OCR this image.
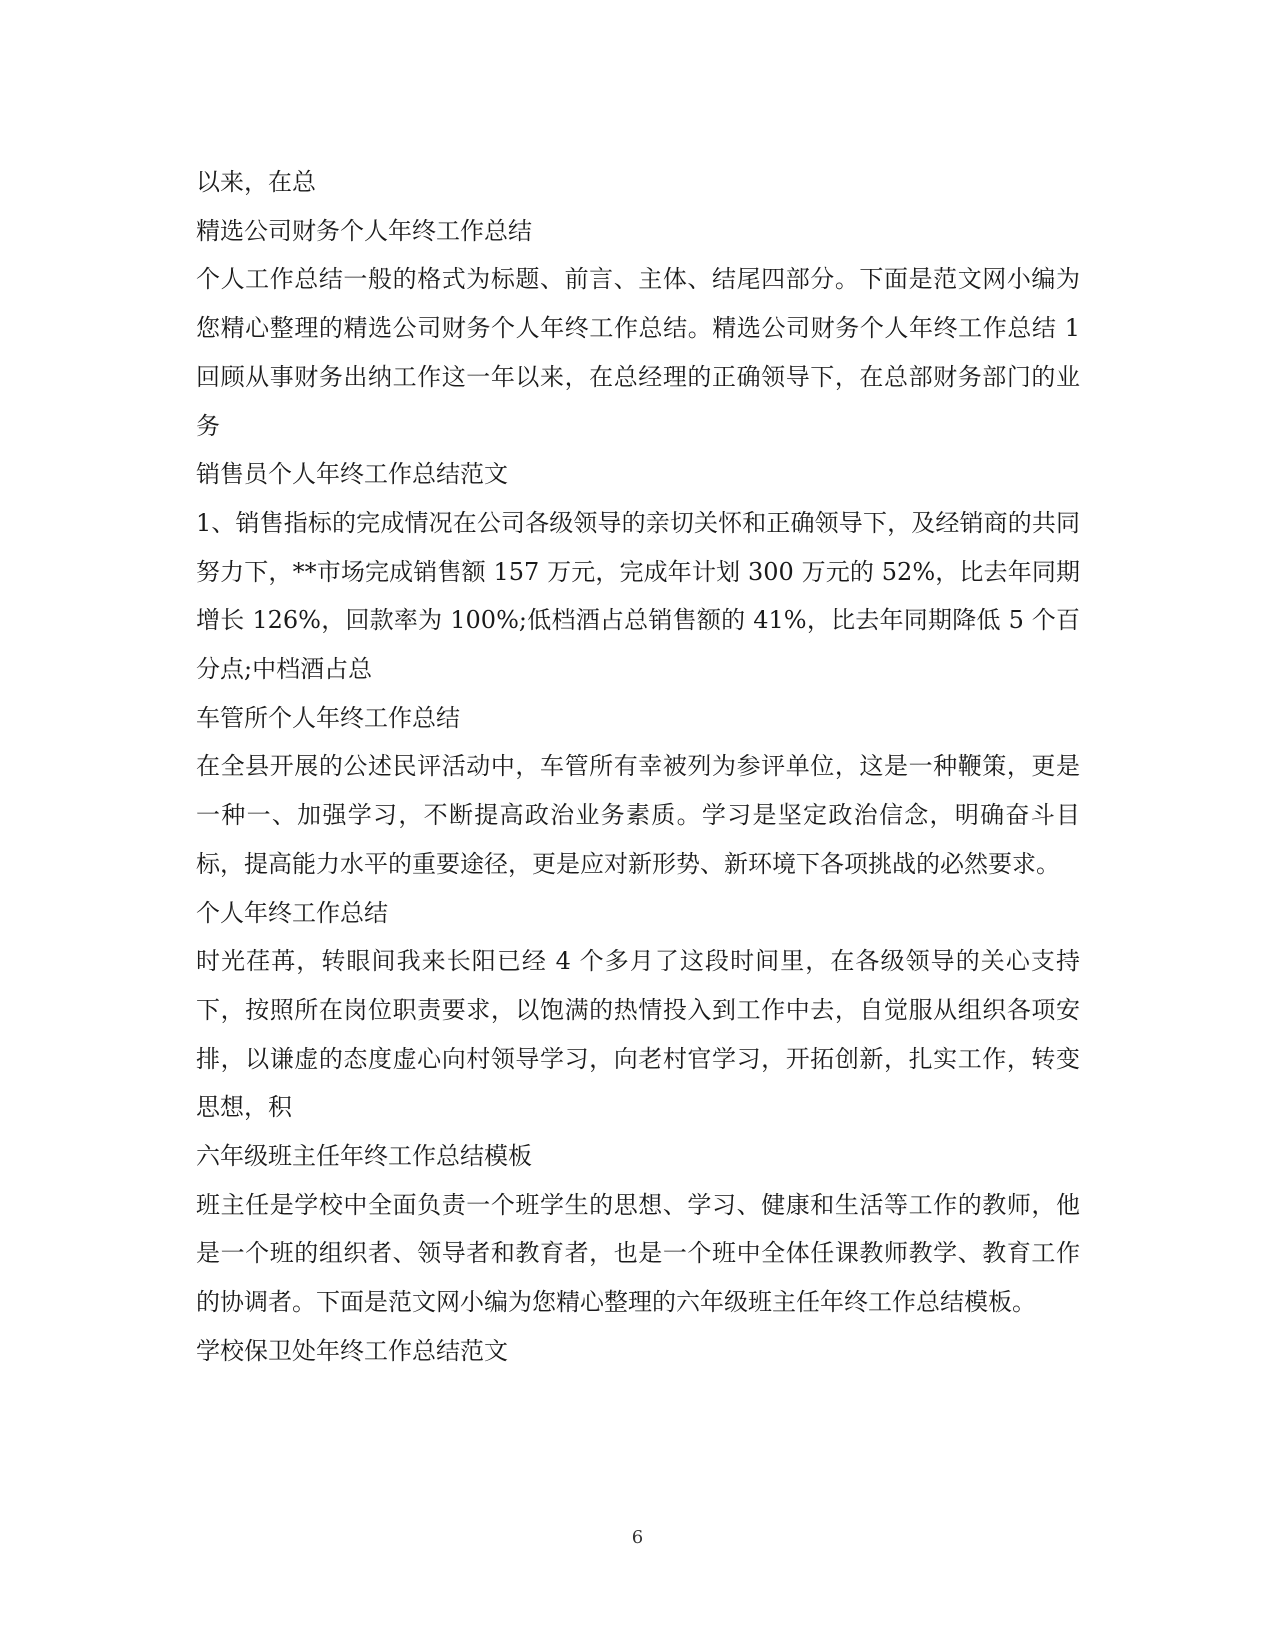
以来，在总

精选公司财务个人年终工作总结

个人工作总结一般的格式为标题、前言、主体、结尾四部分。下面是范文网小编为您精心整理的精选公司财务个人年终工作总结。精选公司财务个人年终工作总结 1 回顾从事财务出纳工作这一年以来，在总经理的正确领导下，在总部财务部门的业务

销售员个人年终工作总结范文

1、销售指标的完成情况在公司各级领导的亲切关怀和正确领导下，及经销商的共同努力下，**市场完成销售额 157 万元，完成年计划 300 万元的 52%，比去年同期增长 126%，回款率为 100%;低档酒占总销售额的 41%，比去年同期降低 5 个百分点;中档酒占总

车管所个人年终工作总结

在全县开展的公述民评活动中，车管所有幸被列为参评单位，这是一种鞭策，更是一种一、加强学习，不断提高政治业务素质。学习是坚定政治信念，明确奋斗目标，提高能力水平的重要途径，更是应对新形势、新环境下各项挑战的必然要求。

个人年终工作总结

时光荏苒，转眼间我来长阳已经 4 个多月了这段时间里，在各级领导的关心支持下，按照所在岗位职责要求，以饱满的热情投入到工作中去，自觉服从组织各项安排，以谦虚的态度虚心向村领导学习，向老村官学习，开拓创新，扎实工作，转变思想，积

六年级班主任年终工作总结模板

班主任是学校中全面负责一个班学生的思想、学习、健康和生活等工作的教师，他是一个班的组织者、领导者和教育者，也是一个班中全体任课教师教学、教育工作的协调者。下面是范文网小编为您精心整理的六年级班主任年终工作总结模板。

学校保卫处年终工作总结范文

6
